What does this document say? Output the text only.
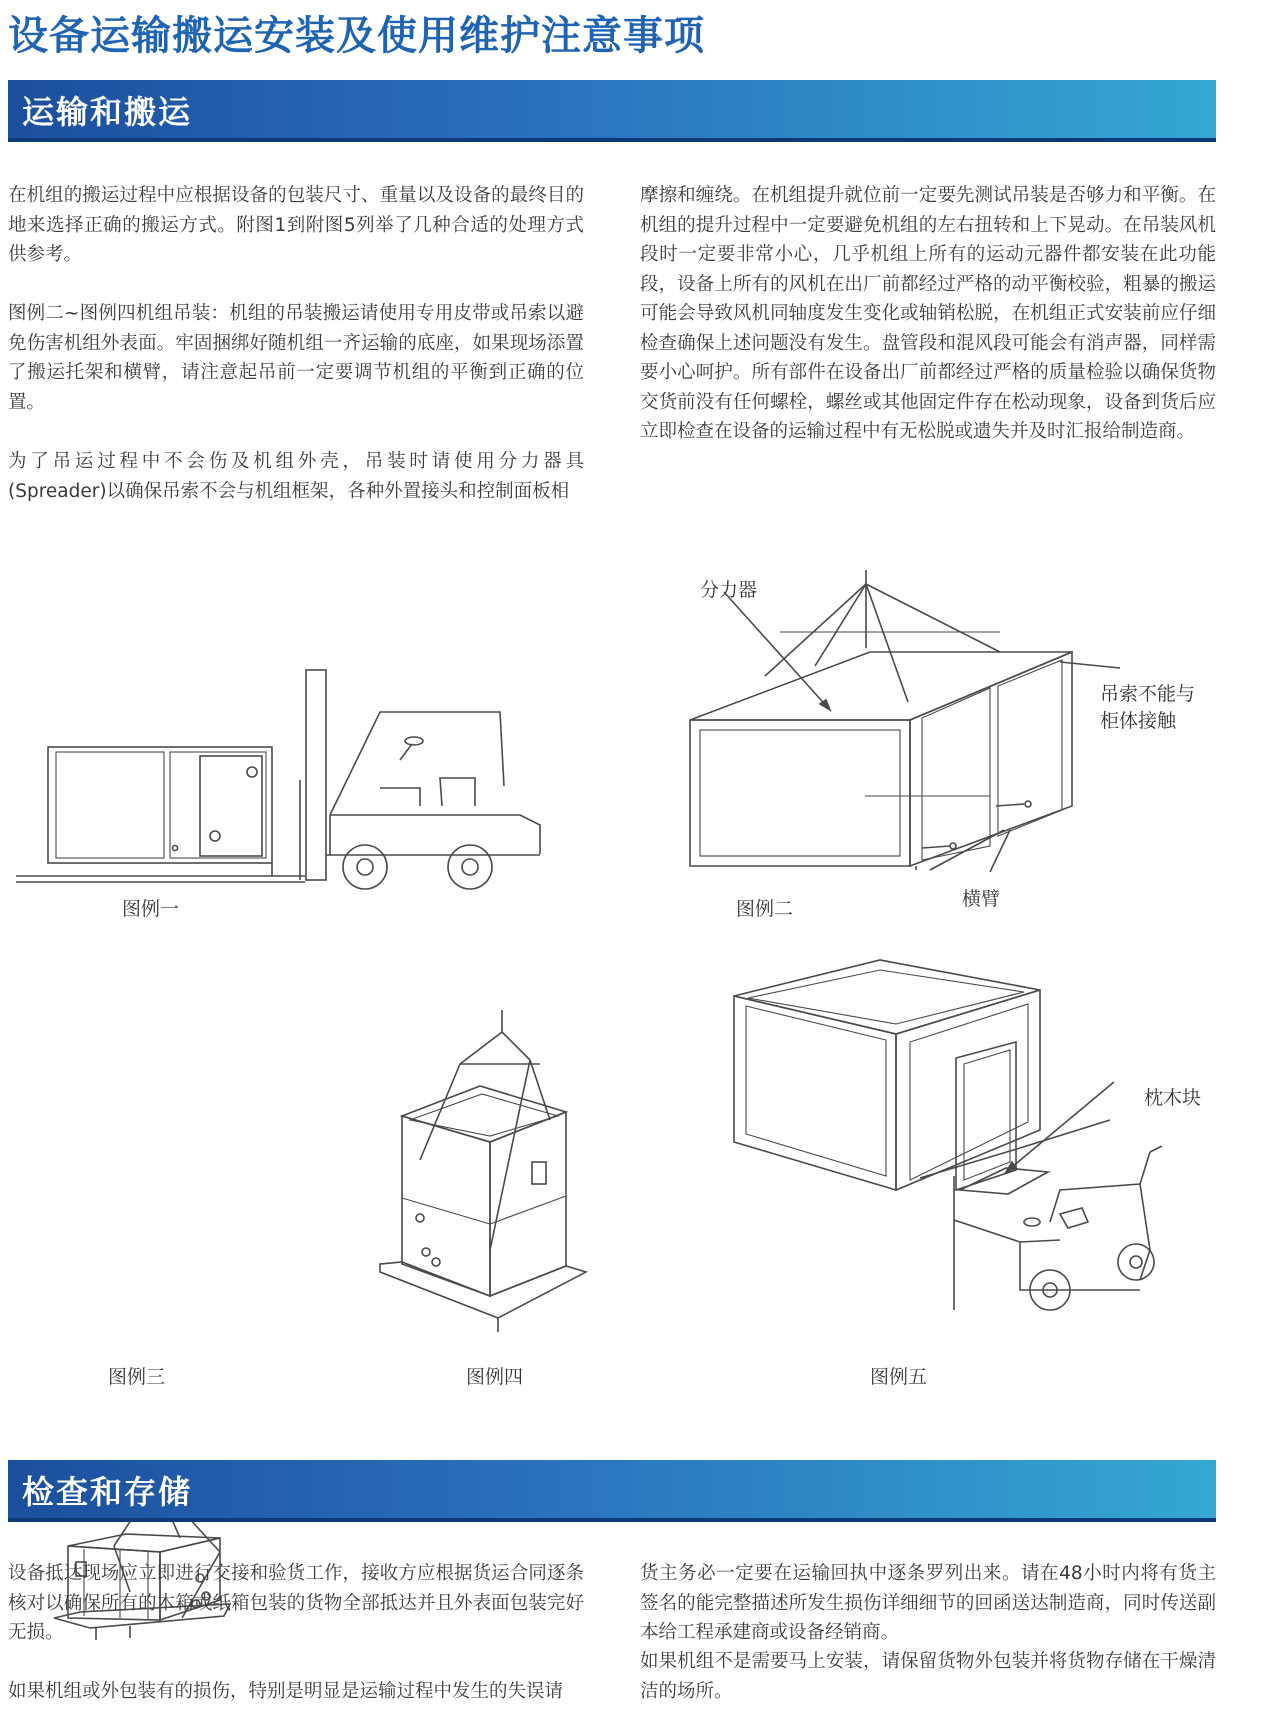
设备运输搬运安装及使用维护注意事项
运输和搬运

在机组的搬运过程中应根据设备的包装尺寸、重量以及设备的最终目的地来选择正确的搬运方式。附图1到附图5列举了几种合适的处理方式供参考。

图例二~图例四机组吊装：机组的吊装搬运请使用专用皮带或吊索以避免伤害机组外表面。牢固捆绑好随机组一齐运输的底座，如果现场添置了搬运托架和横臂，请注意起吊前一定要调节机组的平衡到正确的位置。

为了吊运过程中不会伤及机组外壳，吊装时请使用分力器具(Spreader)以确保吊索不会与机组框架，各种外置接头和控制面板相

摩擦和缠绕。在机组提升就位前一定要先测试吊装是否够力和平衡。在机组的提升过程中一定要避免机组的左右扭转和上下晃动。在吊装风机段时一定要非常小心，几乎机组上所有的运动元器件都安装在此功能段，设备上所有的风机在出厂前都经过严格的动平衡校验，粗暴的搬运可能会导致风机同轴度发生变化或轴销松脱，在机组正式安装前应仔细检查确保上述问题没有发生。盘管段和混风段可能会有消声器，同样需要小心呵护。所有部件在设备出厂前都经过严格的质量检验以确保货物交货前没有任何螺栓，螺丝或其他固定件存在松动现象，设备到货后应立即检查在设备的运输过程中有无松脱或遗失并及时汇报给制造商。

图例一	图例二
分力器
吊索不能与
柜体接触
横臂
图例三	图例四	图例五
枕木块
检查和存储

设备抵达现场应立即进行交接和验货工作，接收方应根据货运合同逐条核对以确保所有的木箱或纸箱包装的货物全部抵达并且外表面包装完好无损。

如果机组或外包装有的损伤，特别是明显是运输过程中发生的失误请

货主务必一定要在运输回执中逐条罗列出来。请在48小时内将有货主签名的能完整描述所发生损伤详细细节的回函送达制造商，同时传送副本给工程承建商或设备经销商。

如果机组不是需要马上安装，请保留货物外包装并将货物存储在干燥清洁的场所。
